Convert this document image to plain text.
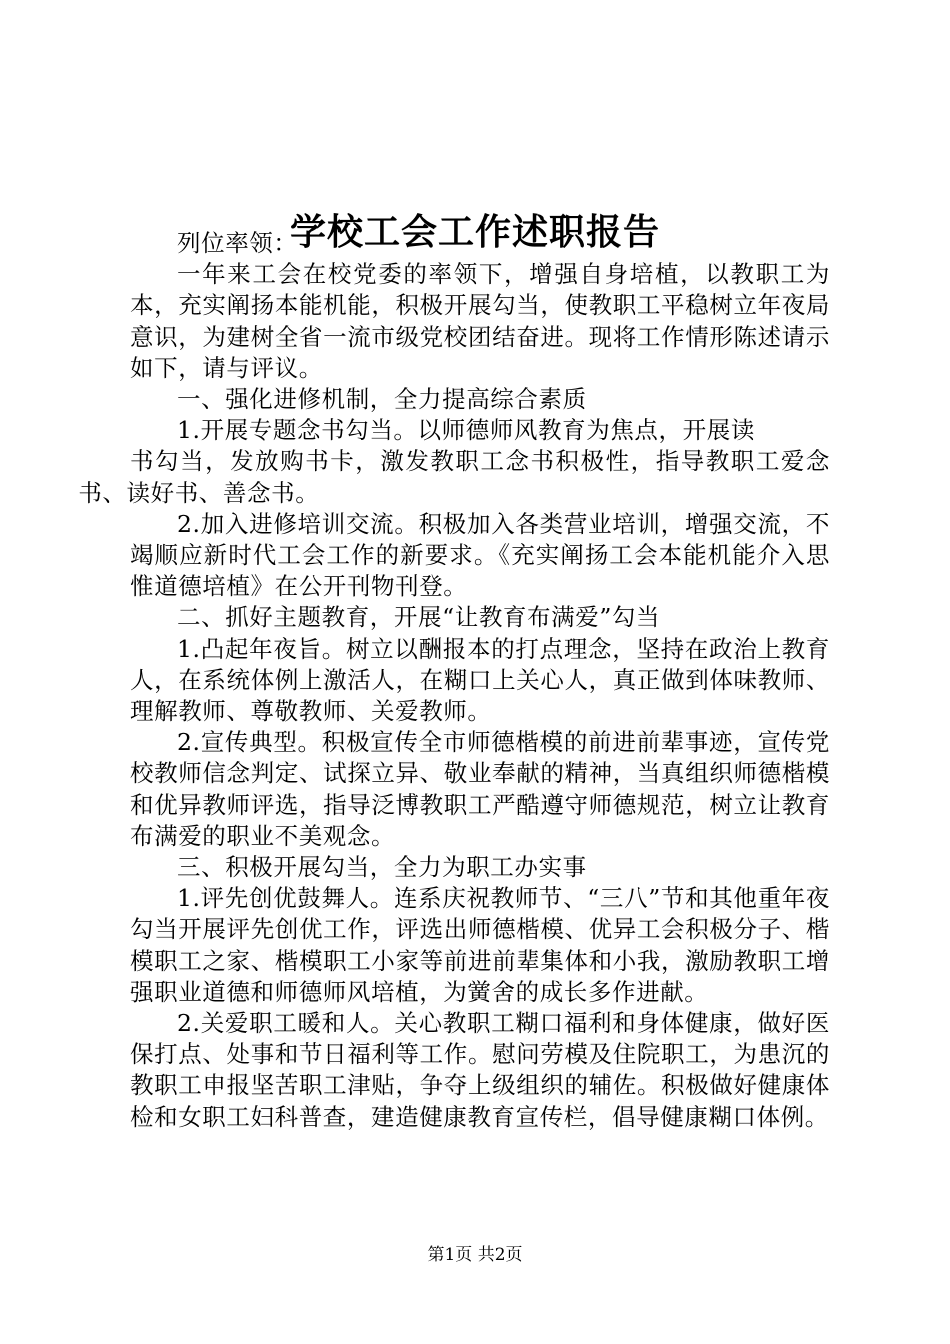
学校工会工作述职报告

列位率领：

一年来工会在校党委的率领下，增强自身培植，以教职工为本，充实阐扬本能机能，积极开展勾当，使教职工平稳树立年夜局意识，为建树全省一流市级党校团结奋进。现将工作情形陈述请示如下，请与评议。

一、强化进修机制，全力提高综合素质

1.开展专题念书勾当。以师德师风教育为焦点，开展读

书勾当，发放购书卡，激发教职工念书积极性，指导教职工爱念书、读好书、善念书。

2.加入进修培训交流。积极加入各类营业培训，增强交流，不竭顺应新时代工会工作的新要求。《充实阐扬工会本能机能介入思惟道德培植》在公开刊物刊登。

二、抓好主题教育，开展“让教育布满爱”勾当

1.凸起年夜旨。树立以酬报本的打点理念，坚持在政治上教育人，在系统体例上激活人，在糊口上关心人，真正做到体味教师、理解教师、尊敬教师、关爱教师。

2.宣传典型。积极宣传全市师德楷模的前进前辈事迹，宣传党校教师信念判定、试探立异、敬业奉献的精神，当真组织师德楷模和优异教师评选，指导泛博教职工严酷遵守师德规范，树立让教育布满爱的职业不美观念。

三、积极开展勾当，全力为职工办实事

1.评先创优鼓舞人。连系庆祝教师节、“三八”节和其他重年夜勾当开展评先创优工作，评选出师德楷模、优异工会积极分子、楷模职工之家、楷模职工小家等前进前辈集体和小我，激励教职工增强职业道德和师德师风培植，为黉舍的成长多作进献。

2.关爱职工暖和人。关心教职工糊口福利和身体健康，做好医保打点、处事和节日福利等工作。慰问劳模及住院职工，为患沉的教职工申报坚苦职工津贴，争夺上级组织的辅佐。积极做好健康体检和女职工妇科普查，建造健康教育宣传栏，倡导健康糊口体例。

第1页 共2页
